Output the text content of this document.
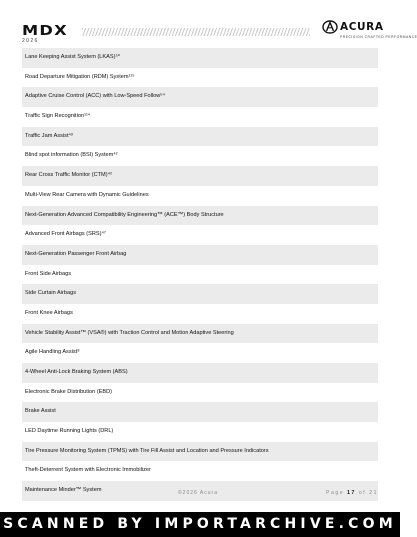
MDX
2026
ACURA
PRECISION CRAFTED PERFORMANCE
Lane Keeping Assist System (LKAS)⁵⁰
Road Departure Mitigation (RDM) System¹¹⁵
Adaptive Cruise Control (ACC) with Low-Speed Follow⁵⁴
Traffic Sign Recognition¹¹⁴
Traffic Jam Assist⁴³
Blind spot information (BSI) System⁴²
Rear Cross Traffic Monitor (CTM)⁴²
Multi-View Rear Camera with Dynamic Guidelines
Next-Generation Advanced Compatibility Engineering™ (ACE™) Body Structure
Advanced Front Airbags (SRS)⁴⁷
Next-Generation Passenger Front Airbag
Front Side Airbags
Side Curtain Airbags
Front Knee Airbags
Vehicle Stability Assist™ (VSA®) with Traction Control and Motion Adaptive Steering
Agile Handling Assist⁸
4-Wheel Anti-Lock Braking System (ABS)
Electronic Brake Distribution (EBD)
Brake Assist
LED Daytime Running Lights (DRL)
Tire Pressure Monitoring System (TPMS) with Tire Fill Assist and Location and Pressure Indicators
Theft-Deterrent System with Electronic Immobilizer
Maintenance Minder™ System	©2026 Acura	Page 17 of 21
SCANNED BY IMPORTARCHIVE.COM
